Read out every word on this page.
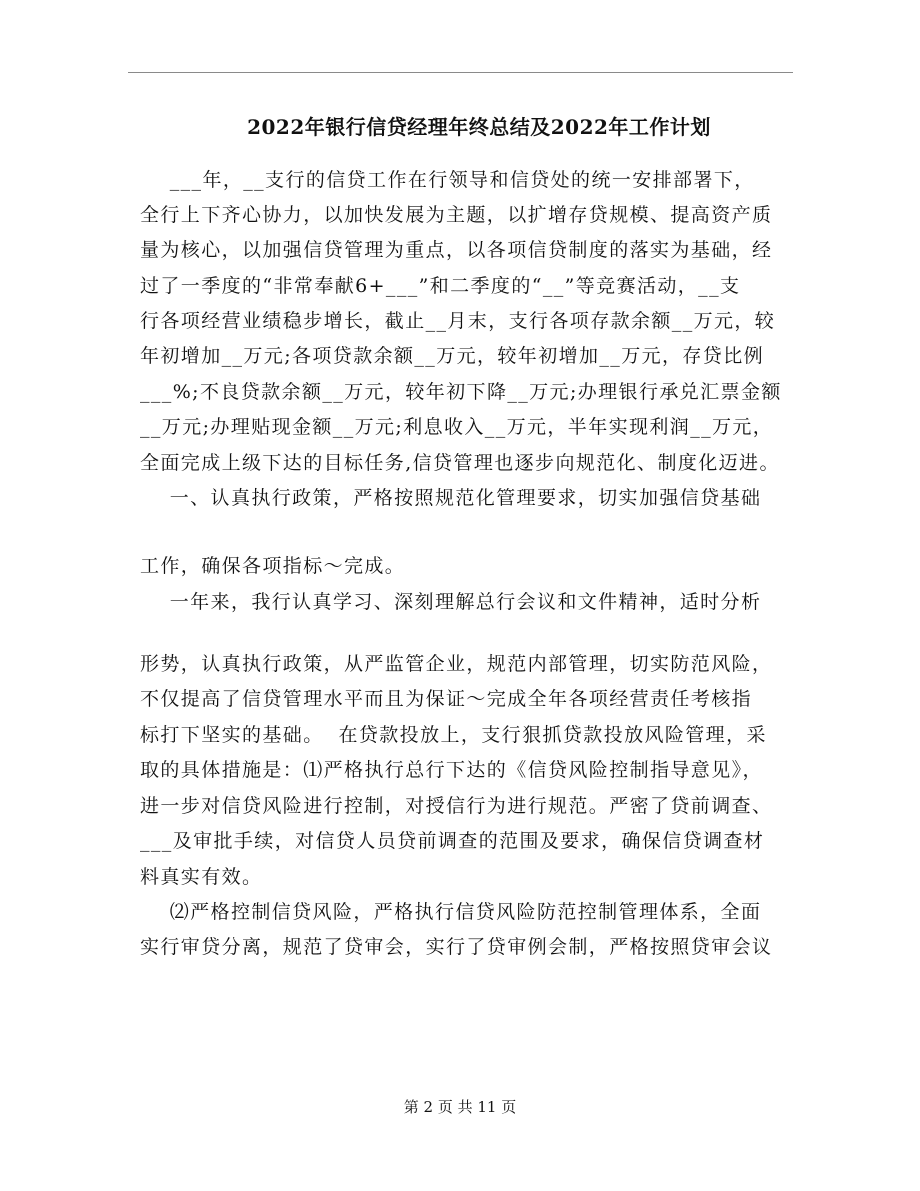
2022年银行信贷经理年终总结及2022年工作计划
___年，__支行的信贷工作在行领导和信贷处的统一安排部署下，
全行上下齐心协力，以加快发展为主题，以扩增存贷规模、提高资产质
量为核心，以加强信贷管理为重点，以各项信贷制度的落实为基础，经
过了一季度的“非常奉献6+___”和二季度的“__”等竞赛活动，__支
行各项经营业绩稳步增长，截止__月末，支行各项存款余额__万元，较
年初增加__万元;各项贷款余额__万元，较年初增加__万元，存贷比例
___%;不良贷款余额__万元，较年初下降__万元;办理银行承兑汇票金额
__万元;办理贴现金额__万元;利息收入__万元，半年实现利润__万元，
全面完成上级下达的目标任务,信贷管理也逐步向规范化、制度化迈进。
一、认真执行政策，严格按照规范化管理要求，切实加强信贷基础
工作，确保各项指标～完成。
一年来，我行认真学习、深刻理解总行会议和文件精神，适时分析
形势，认真执行政策，从严监管企业，规范内部管理，切实防范风险，
不仅提高了信贷管理水平而且为保证～完成全年各项经营责任考核指
标打下坚实的基础。  在贷款投放上，支行狠抓贷款投放风险管理，采
取的具体措施是：⑴严格执行总行下达的《信贷风险控制指导意见》，
进一步对信贷风险进行控制，对授信行为进行规范。严密了贷前调查、
___及审批手续，对信贷人员贷前调查的范围及要求，确保信贷调查材
料真实有效。
⑵严格控制信贷风险，严格执行信贷风险防范控制管理体系，全面
实行审贷分离，规范了贷审会，实行了贷审例会制，严格按照贷审会议
第 2 页 共 11 页
